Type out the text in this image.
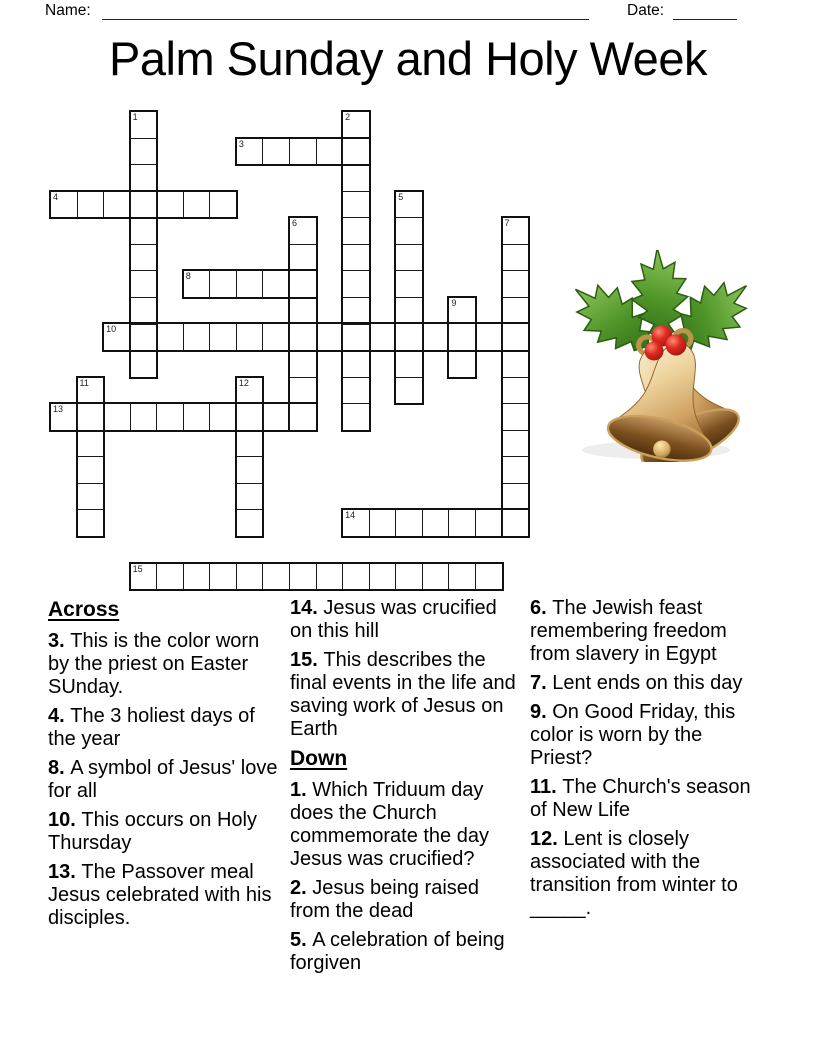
Name:	Date:
Palm Sunday and Holy Week
1	2
3
4	5
6	7
8
9
10
11	12
13
14
15
Across

3. This is the color worn by the priest on Easter SUnday.

4. The 3 holiest days of the year

8. A symbol of Jesus' love for all

10. This occurs on Holy Thursday

13. The Passover meal Jesus celebrated with his disciples.

14. Jesus was crucified on this hill

15. This describes the final events in the life and saving work of Jesus on Earth

Down

1. Which Triduum day does the Church commemorate the day Jesus was crucified?

2. Jesus being raised from the dead

5. A celebration of being forgiven

6. The Jewish feast remembering freedom from slavery in Egypt

7. Lent ends on this day

9. On Good Friday, this color is worn by the Priest?

11. The Church's season of New Life

12. Lent is closely associated with the transition from winter to _____.
